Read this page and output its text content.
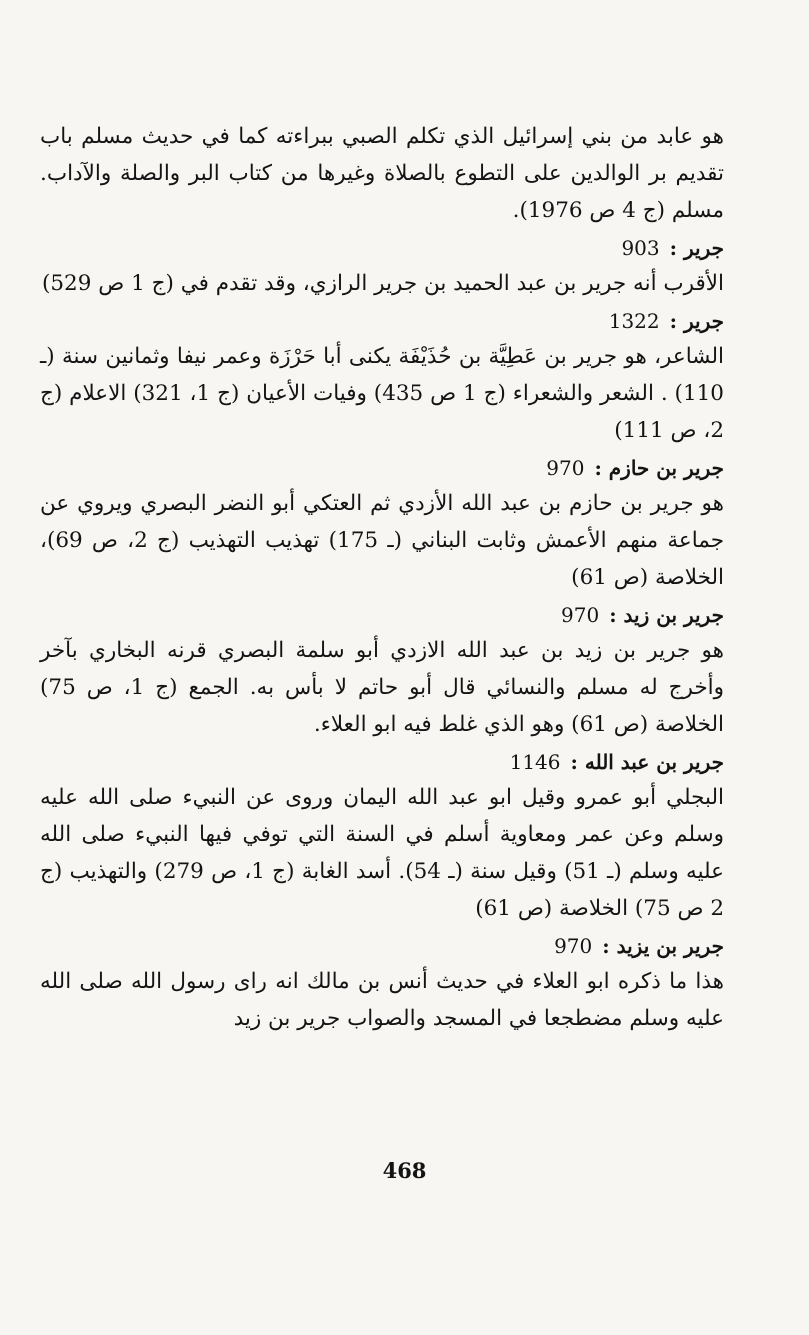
هو عابد من بني إسرائيل الذي تكلم الصبي ببراءته كما في حديث مسلم باب تقديم بر الوالدين على التطوع بالصلاة وغيرها من كتاب البر والصلة والآداب. مسلم (ج 4 ص 1976).

جرير :903

الأقرب أنه جرير بن عبد الحميد بن جرير الرازي، وقد تقدم في (ج 1 ص 529)

جرير :1322

الشاعر، هو جرير بن عَطِيَّة بن حُذَيْفَة يكنى أبا حَرْزَة وعمر نيفا وثمانين سنة (ـ 110) . الشعر والشعراء (ج 1 ص 435) وفيات الأعيان (ج 1، 321) الاعلام (ج 2، ص 111)

جرير بن حازم :970

هو جرير بن حازم بن عبد الله الأزدي ثم العتكي أبو النضر البصري ويروي عن جماعة منهم الأعمش وثابت البناني (ـ 175) تهذيب التهذيب (ج 2، ص 69)، الخلاصة (ص 61)

جرير بن زيد :970

هو جرير بن زيد بن عبد الله الازدي أبو سلمة البصري قرنه البخاري بآخر وأخرج له مسلم والنسائي قال أبو حاتم لا بأس به. الجمع (ج 1، ص 75) الخلاصة (ص 61) وهو الذي غلط فيه ابو العلاء.

جرير بن عبد الله :1146

البجلي أبو عمرو وقيل ابو عبد الله اليمان وروى عن النبيء صلى الله عليه وسلم وعن عمر ومعاوية أسلم في السنة التي توفي فيها النبيء صلى الله عليه وسلم (ـ 51) وقيل سنة (ـ 54). أسد الغابة (ج 1، ص 279) والتهذيب (ج 2 ص 75) الخلاصة (ص 61)

جرير بن يزيد :970

هذا ما ذكره ابو العلاء في حديث أنس بن مالك انه راى رسول الله صلى الله عليه وسلم مضطجعا في المسجد والصواب جرير بن زيد

468
